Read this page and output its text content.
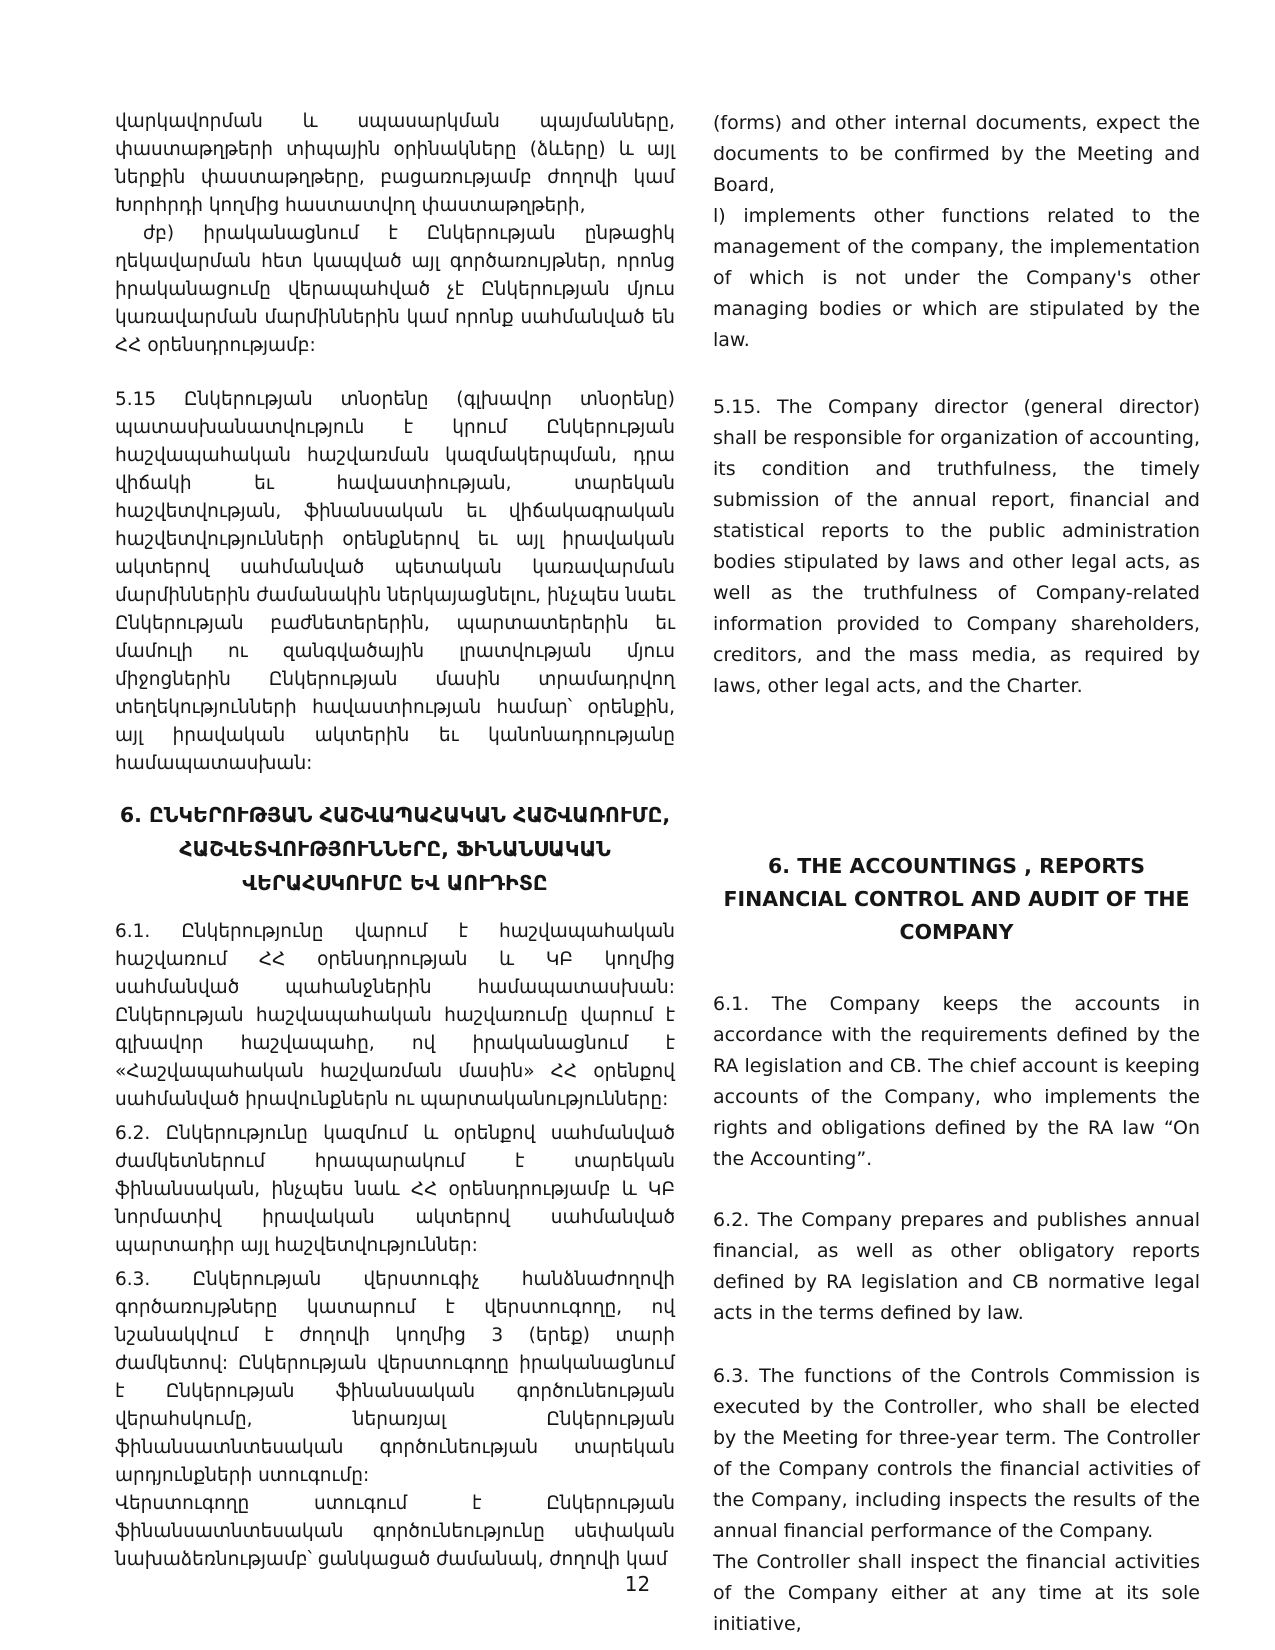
վարկավորման և սպասարկման պայմանները, փաստաթղթերի տիպային օրինակները (ձևերը) և այլ ներքին փաստաթղթերը, բացառությամբ ժողովի կամ Խորհրդի կողմից հաստատվող փաստաթղթերի,

ժբ) իրականացնում է Ընկերության ընթացիկ ղեկավարման հետ կապված այլ գործառույթներ, որոնց իրականացումը վերապահված չէ Ընկերության մյուս կառավարման մարմիններին կամ որոնք սահմանված են ՀՀ օրենսդրությամբ:

5.15 Ընկերության տնօրենը (գլխավոր տնօրենը) պատասխանատվություն է կրում Ընկերության հաշվապահական հաշվառման կազմակերպման, դրա վիճակի եւ հավաստիության, տարեկան հաշվետվության, ֆինանսական եւ վիճակագրական հաշվետվությունների օրենքներով եւ այլ իրավական ակտերով սահմանված պետական կառավարման մարմիններին ժամանակին ներկայացնելու, ինչպես նաեւ Ընկերության բաժնետերերին, պարտատերերին եւ մամուլի ու զանգվածային լրատվության մյուս միջոցներին Ընկերության մասին տրամադրվող տեղեկությունների հավաստիության համար՝ օրենքին, այլ իրավական ակտերին եւ կանոնադրությանը համապատասխան:

6. ԸՆԿԵՐՈՒԹՅԱՆ ՀԱՇՎԱՊԱՀԱԿԱՆ ՀԱՇՎԱՌՈՒՄԸ, ՀԱՇՎԵՏՎՈՒԹՅՈՒՆՆԵՐԸ, ՖԻՆԱՆՍԱԿԱՆ ՎԵՐԱՀՍԿՈՒՄԸ ԵՎ ԱՈՒԴԻՏԸ

6.1. Ընկերությունը վարում է հաշվապահական հաշվառում ՀՀ օրենսդրության և ԿԲ կողմից սահմանված պահանջներին համապատասխան: Ընկերության հաշվապահական հաշվառումը վարում է գլխավոր հաշվապահը, ով իրականացնում է «Հաշվապահական հաշվառման մասին» ՀՀ օրենքով սահմանված իրավունքներն ու պարտականությունները:

6.2. Ընկերությունը կազմում և օրենքով սահմանված ժամկետներում հրապարակում է տարեկան ֆինանսական, ինչպես նաև ՀՀ օրենսդրությամբ և ԿԲ նորմատիվ իրավական ակտերով սահմանված պարտադիր այլ հաշվետվություններ:

6.3. Ընկերության վերստուգիչ հանձնաժողովի գործառույթները կատարում է վերստուգողը, ով նշանակվում է ժողովի կողմից 3 (երեք) տարի ժամկետով: Ընկերության վերստուգողը իրականացնում է Ընկերության ֆինանսական գործունեության վերահսկումը, ներառյալ Ընկերության ֆինանսատնտեսական գործունեության տարեկան արդյունքների ստուգումը:

Վերստուգողը ստուգում է Ընկերության ֆինանսատնտեսական գործունեությունը սեփական նախաձեռնությամբ՝ ցանկացած ժամանակ, ժողովի կամ

(forms) and other internal documents, expect the documents to be confirmed by the Meeting and Board,

l) implements other functions related to the management of the company, the implementation of which is not under the Company's other managing bodies or which are stipulated by the law.

5.15. The Company director (general director) shall be responsible for organization of accounting, its condition and truthfulness, the timely submission of the annual report, financial and statistical reports to the public administration bodies stipulated by laws and other legal acts, as well as the truthfulness of Company-related information provided to Company shareholders, creditors, and the mass media, as required by laws, other legal acts, and the Charter.

6. THE ACCOUNTINGS , REPORTS FINANCIAL CONTROL AND AUDIT OF THE COMPANY

6.1. The Company keeps the accounts in accordance with the requirements defined by the RA legislation and CB. The chief account is keeping accounts of the Company, who implements the rights and obligations defined by the RA law “On the Accounting”.

6.2. The Company prepares and publishes annual financial, as well as other obligatory reports defined by RA legislation and CB normative legal acts in the terms defined by law.

6.3. The functions of the Controls Commission is executed by the Controller, who shall be elected by the Meeting for three-year term. The Controller of the Company controls the financial activities of the Company, including inspects the results of the annual financial performance of the Company.

The Controller shall inspect the financial activities of the Company either at any time at its sole initiative,

12
